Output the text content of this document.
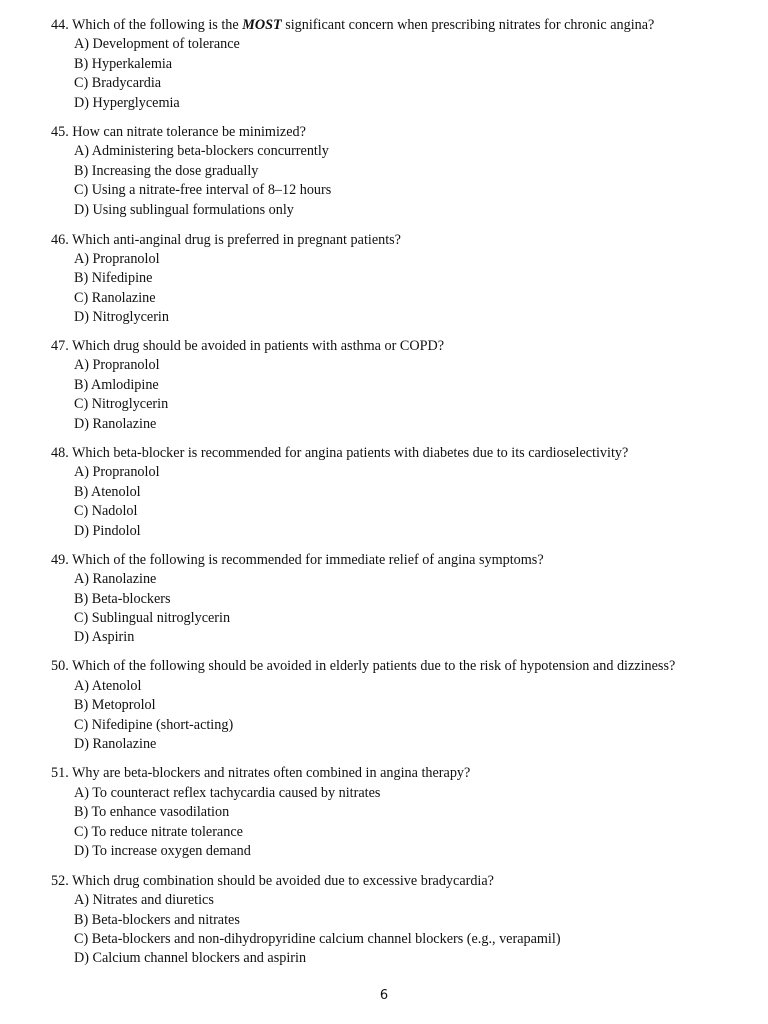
44. Which of the following is the MOST significant concern when prescribing nitrates for chronic angina?
A) Development of tolerance
B) Hyperkalemia
C) Bradycardia
D) Hyperglycemia
45. How can nitrate tolerance be minimized?
A) Administering beta-blockers concurrently
B) Increasing the dose gradually
C) Using a nitrate-free interval of 8–12 hours
D) Using sublingual formulations only
46. Which anti-anginal drug is preferred in pregnant patients?
A) Propranolol
B) Nifedipine
C) Ranolazine
D) Nitroglycerin
47. Which drug should be avoided in patients with asthma or COPD?
A) Propranolol
B) Amlodipine
C) Nitroglycerin
D) Ranolazine
48. Which beta-blocker is recommended for angina patients with diabetes due to its cardioselectivity?
A) Propranolol
B) Atenolol
C) Nadolol
D) Pindolol
49. Which of the following is recommended for immediate relief of angina symptoms?
A) Ranolazine
B) Beta-blockers
C) Sublingual nitroglycerin
D) Aspirin
50. Which of the following should be avoided in elderly patients due to the risk of hypotension and dizziness?
A) Atenolol
B) Metoprolol
C) Nifedipine (short-acting)
D) Ranolazine
51. Why are beta-blockers and nitrates often combined in angina therapy?
A) To counteract reflex tachycardia caused by nitrates
B) To enhance vasodilation
C) To reduce nitrate tolerance
D) To increase oxygen demand
52. Which drug combination should be avoided due to excessive bradycardia?
A) Nitrates and diuretics
B) Beta-blockers and nitrates
C) Beta-blockers and non-dihydropyridine calcium channel blockers (e.g., verapamil)
D) Calcium channel blockers and aspirin
6
